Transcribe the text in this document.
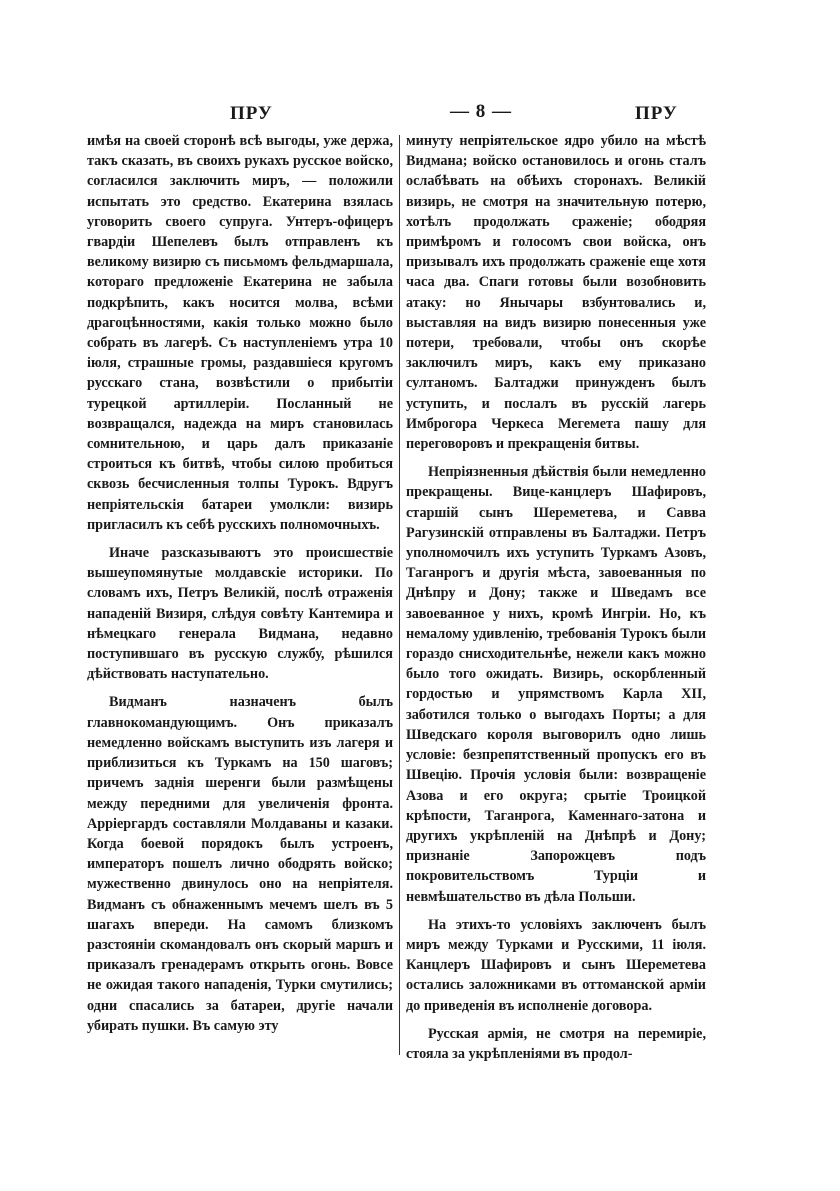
ПРУ	— 8 —	ПРУ

имѣя на своей сторонѣ всѣ выгоды, уже держа, такъ сказать, въ своихъ рукахъ русское войско, согласился заключить миръ, — положили испытать это средство. Екатерина взялась уговорить своего супруга. Унтеръ-офицеръ гвардіи Шепелевъ былъ отправленъ къ великому визирю съ письмомъ фельдмаршала, котораго предложеніе Екатерина не забыла подкрѣпить, какъ носится молва, всѣми драгоцѣнностями, какія только можно было собрать въ лагерѣ. Съ наступленіемъ утра 10 іюля, страшные громы, раздавшіеся кругомъ русскаго стана, возвѣстили о прибытіи турецкой артиллеріи. Посланный не возвращался, надежда на миръ становилась сомнительною, и царь далъ приказаніе строиться къ битвѣ, чтобы силою пробиться сквозь бесчисленныя толпы Турокъ. Вдругъ непріятельскія батареи умолкли: визирь пригласилъ къ себѣ русскихъ полномочныхъ.

Иначе разсказываютъ это происшествіе вышеупомянутые молдавскіе историки. По словамъ ихъ, Петръ Великій, послѣ отраженія нападеній Визиря, слѣдуя совѣту Кантемира и нѣмецкаго генерала Видмана, недавно поступившаго въ русскую службу, рѣшился дѣйствовать наступательно.

Видманъ назначенъ былъ главнокомандующимъ. Онъ приказалъ немедленно войскамъ выступить изъ лагеря и приблизиться къ Туркамъ на 150 шаговъ; причемъ заднія шеренги были размѣщены между передними для увеличенія фронта. Арріергардъ составляли Молдаваны и казаки. Когда боевой порядокъ былъ устроенъ, императоръ пошелъ лично ободрять войско; мужественно двинулось оно на непріятеля. Видманъ съ обнаженнымъ мечемъ шелъ въ 5 шагахъ впереди. На самомъ близкомъ разстояніи скомандовалъ онъ скорый маршъ и приказалъ гренадерамъ открыть огонь. Вовсе не ожидая такого нападенія, Турки смутились; одни спасались за батареи, другіе начали убирать пушки. Въ самую эту

минуту непріятельское ядро убило на мѣстѣ Видмана; войско остановилось и огонь сталъ ослабѣвать на обѣихъ сторонахъ. Великій визирь, не смотря на значительную потерю, хотѣлъ продолжать сраженіе; ободряя примѣромъ и голосомъ свои войска, онъ призывалъ ихъ продолжать сраженіе еще хотя часа два. Спаги готовы были возобновить атаку: но Янычары взбунтовались и, выставляя на видъ визирю понесенныя уже потери, требовали, чтобы онъ скорѣе заключилъ миръ, какъ ему приказано султаномъ. Балтаджи принужденъ былъ уступить, и послалъ въ русскій лагерь Имброгора Черкеса Мегемета пашу для переговоровъ и прекращенія битвы.

Непріязненныя дѣйствія были немедленно прекращены. Вице-канцлеръ Шафировъ, старшій сынъ Шереметева, и Савва Рагузинскій отправлены въ Балтаджи. Петръ уполномочилъ ихъ уступить Туркамъ Азовъ, Таганрогъ и другія мѣста, завоеванныя по Днѣпру и Дону; также и Шведамъ все завоеванное у нихъ, кромѣ Ингріи. Но, къ немалому удивленію, требованія Турокъ были гораздо снисходительнѣе, нежели какъ можно было того ожидать. Визирь, оскорбленный гордостью и упрямствомъ Карла XII, заботился только о выгодахъ Порты; а для Шведскаго короля выговорилъ одно лишь условіе: безпрепятственный пропускъ его въ Швецію. Прочія условія были: возвращеніе Азова и его округа; срытіе Троицкой крѣпости, Таганрога, Каменнаго-затона и другихъ укрѣпленій на Днѣпрѣ и Дону; признаніе Запорожцевъ подъ покровительствомъ Турціи и невмѣшательство въ дѣла Польши.

На этихъ-то условіяхъ заключенъ былъ миръ между Турками и Русскими, 11 іюля. Канцлеръ Шафировъ и сынъ Шереметева остались заложниками въ оттоманской арміи до приведенія въ исполненіе договора.

Русская армія, не смотря на перемиріе, стояла за укрѣпленіями въ продол-
